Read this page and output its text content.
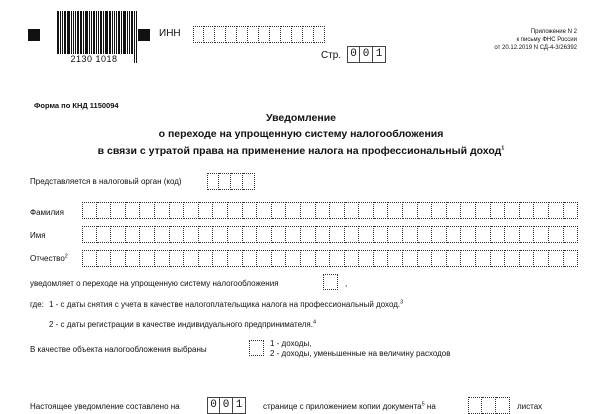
2130 1018
ИНН
Стр. 0 0 1
Приложение N 2
к письму ФНС России
от 20.12.2019 N СД-4-3/26392
Форма по КНД 1150094
Уведомление
о переходе на упрощенную систему налогообложения
в связи с утратой права на применение налога на профессиональный доход$^1$
Представляется в налоговый орган (код)
Фамилия
Имя
Отчество$^2$
уведомляет о переходе на упрощенную систему налогообложения	,
где: 1 - с даты снятия с учета в качестве налогоплательщика налога на профессиональный доход.$^3$
2 - с даты регистрации в качестве индивидуального предпринимателя.$^4$
В качестве объекта налогообложения выбраны
1 - доходы,
2 - доходы, уменьшенные на величину расходов
Настоящее уведомление составлено на	0 0 1	странице с приложением копии документа$^5$ на	листах
